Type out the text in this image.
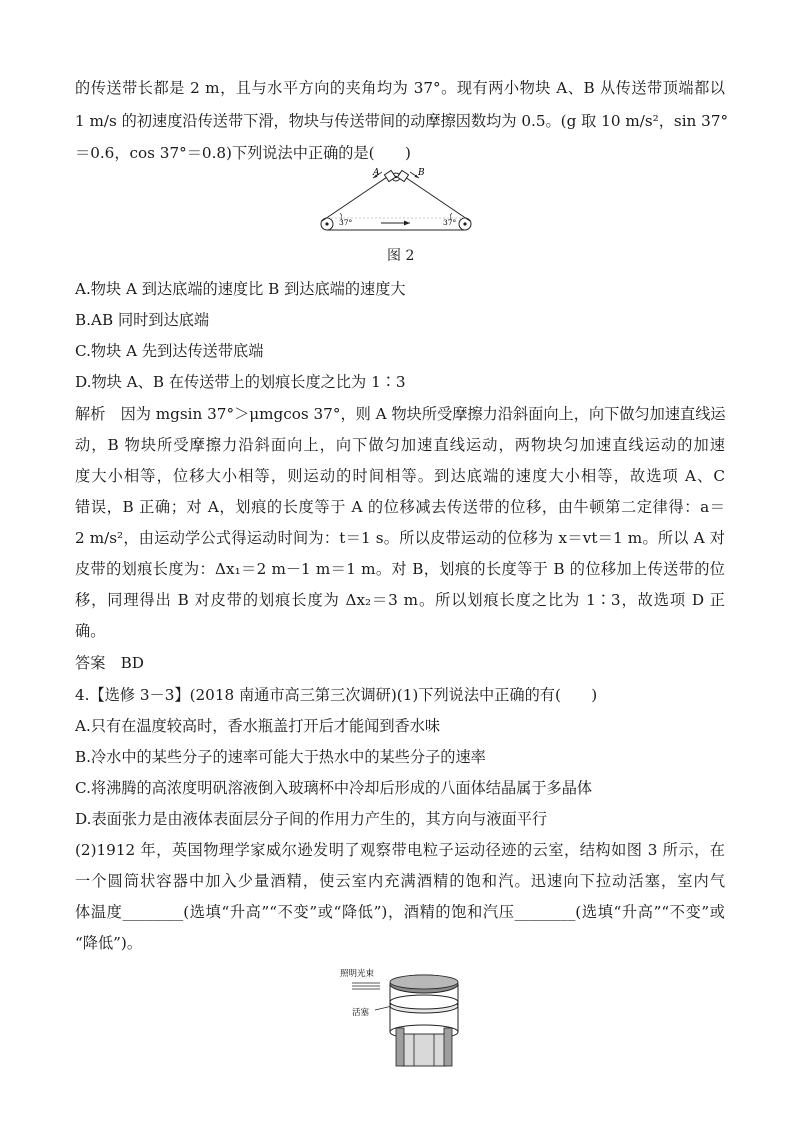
的传送带长都是 2 m，且与水平方向的夹角均为 37°。现有两小物块 A、B 从传送带顶端都以
1 m/s 的初速度沿传送带下滑，物块与传送带间的动摩擦因数均为 0.5。(g 取 10 m/s²，sin 37°
＝0.6，cos 37°＝0.8)下列说法中正确的是(　　)
A	B
37°	37°
图 2
A.物块 A 到达底端的速度比 B 到达底端的速度大
B.AB 同时到达底端
C.物块 A 先到达传送带底端
D.物块 A、B 在传送带上的划痕长度之比为 1∶3
解析　因为 mgsin 37°＞μmgcos 37°，则 A 物块所受摩擦力沿斜面向上，向下做匀加速直线运
动，B 物块所受摩擦力沿斜面向上，向下做匀加速直线运动，两物块匀加速直线运动的加速
度大小相等，位移大小相等，则运动的时间相等。到达底端的速度大小相等，故选项 A、C
错误，B 正确；对 A，划痕的长度等于 A 的位移减去传送带的位移，由牛顿第二定律得：a＝
2 m/s²，由运动学公式得运动时间为：t＝1 s。所以皮带运动的位移为 x＝vt＝1 m。所以 A 对
皮带的划痕长度为：Δx₁＝2 m－1 m＝1 m。对 B，划痕的长度等于 B 的位移加上传送带的位
移，同理得出 B 对皮带的划痕长度为 Δx₂＝3 m。所以划痕长度之比为 1∶3，故选项 D 正
确。
答案　BD
4.【选修 3－3】(2018 南通市高三第三次调研)(1)下列说法中正确的有(　　)
A.只有在温度较高时，香水瓶盖打开后才能闻到香水味
B.冷水中的某些分子的速率可能大于热水中的某些分子的速率
C.将沸腾的高浓度明矾溶液倒入玻璃杯中冷却后形成的八面体结晶属于多晶体
D.表面张力是由液体表面层分子间的作用力产生的，其方向与液面平行
(2)1912 年，英国物理学家威尔逊发明了观察带电粒子运动径迹的云室，结构如图 3 所示，在
一个圆筒状容器中加入少量酒精，使云室内充满酒精的饱和汽。迅速向下拉动活塞，室内气
体温度________(选填“升高”“不变”或“降低”)，酒精的饱和汽压________(选填“升高”“不变”或
“降低”)。
照明光束
活塞
